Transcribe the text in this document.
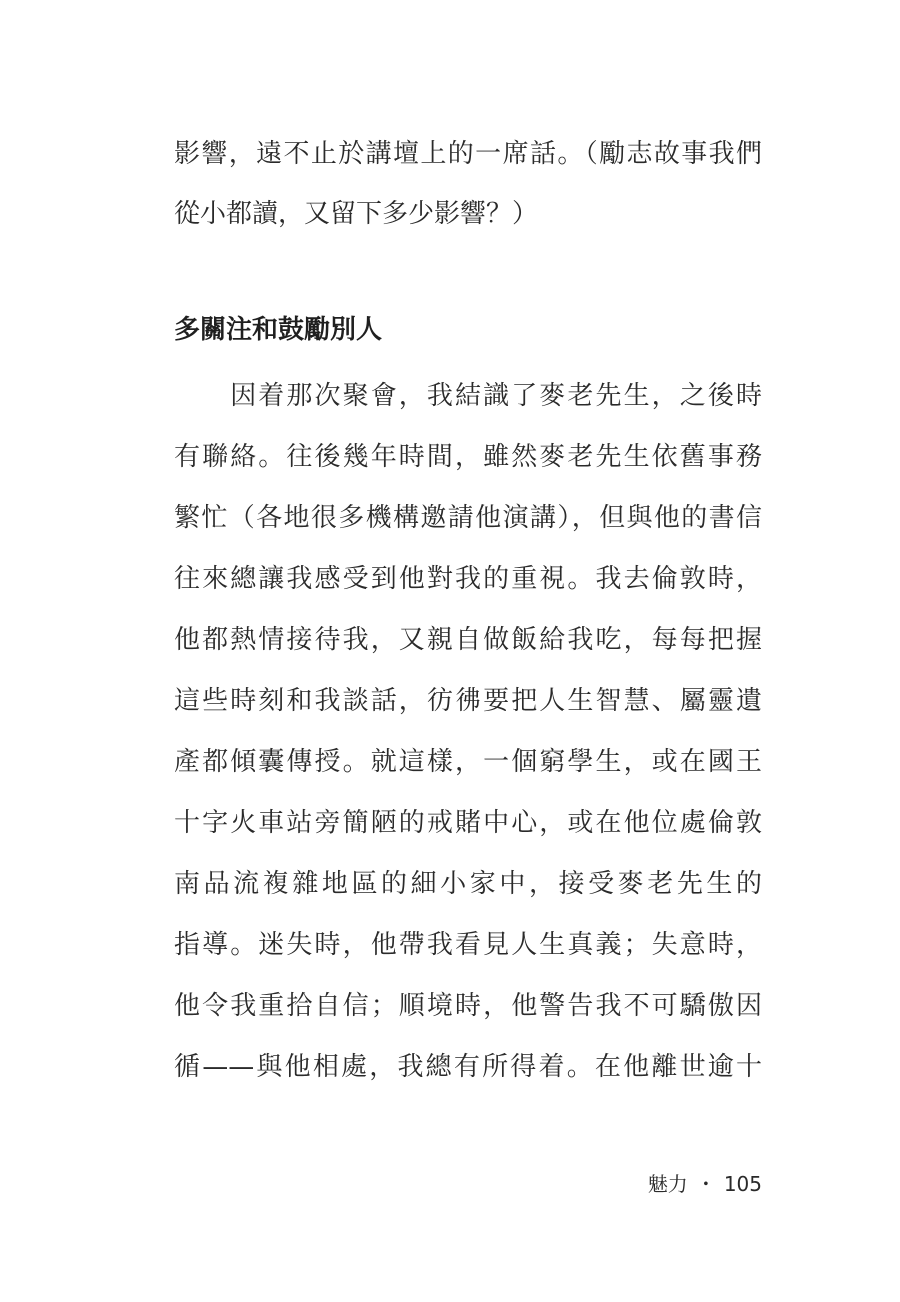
影響，遠不止於講壇上的一席話。（勵志故事我們
從小都讀，又留下多少影響？）
多關注和鼓勵別人
　　因着那次聚會，我結識了麥老先生，之後時
有聯絡。往後幾年時間，雖然麥老先生依舊事務
繁忙（各地很多機構邀請他演講），但與他的書信
往來總讓我感受到他對我的重視。我去倫敦時，
他都熱情接待我，又親自做飯給我吃，每每把握
這些時刻和我談話，彷彿要把人生智慧、屬靈遺
產都傾囊傳授。就這樣，一個窮學生，或在國王
十字火車站旁簡陋的戒賭中心，或在他位處倫敦
南品流複雜地區的細小家中，接受麥老先生的
指導。迷失時，他帶我看見人生真義；失意時，
他令我重拾自信；順境時，他警告我不可驕傲因
循——與他相處，我總有所得着。在他離世逾十
魅力 ・ 105
